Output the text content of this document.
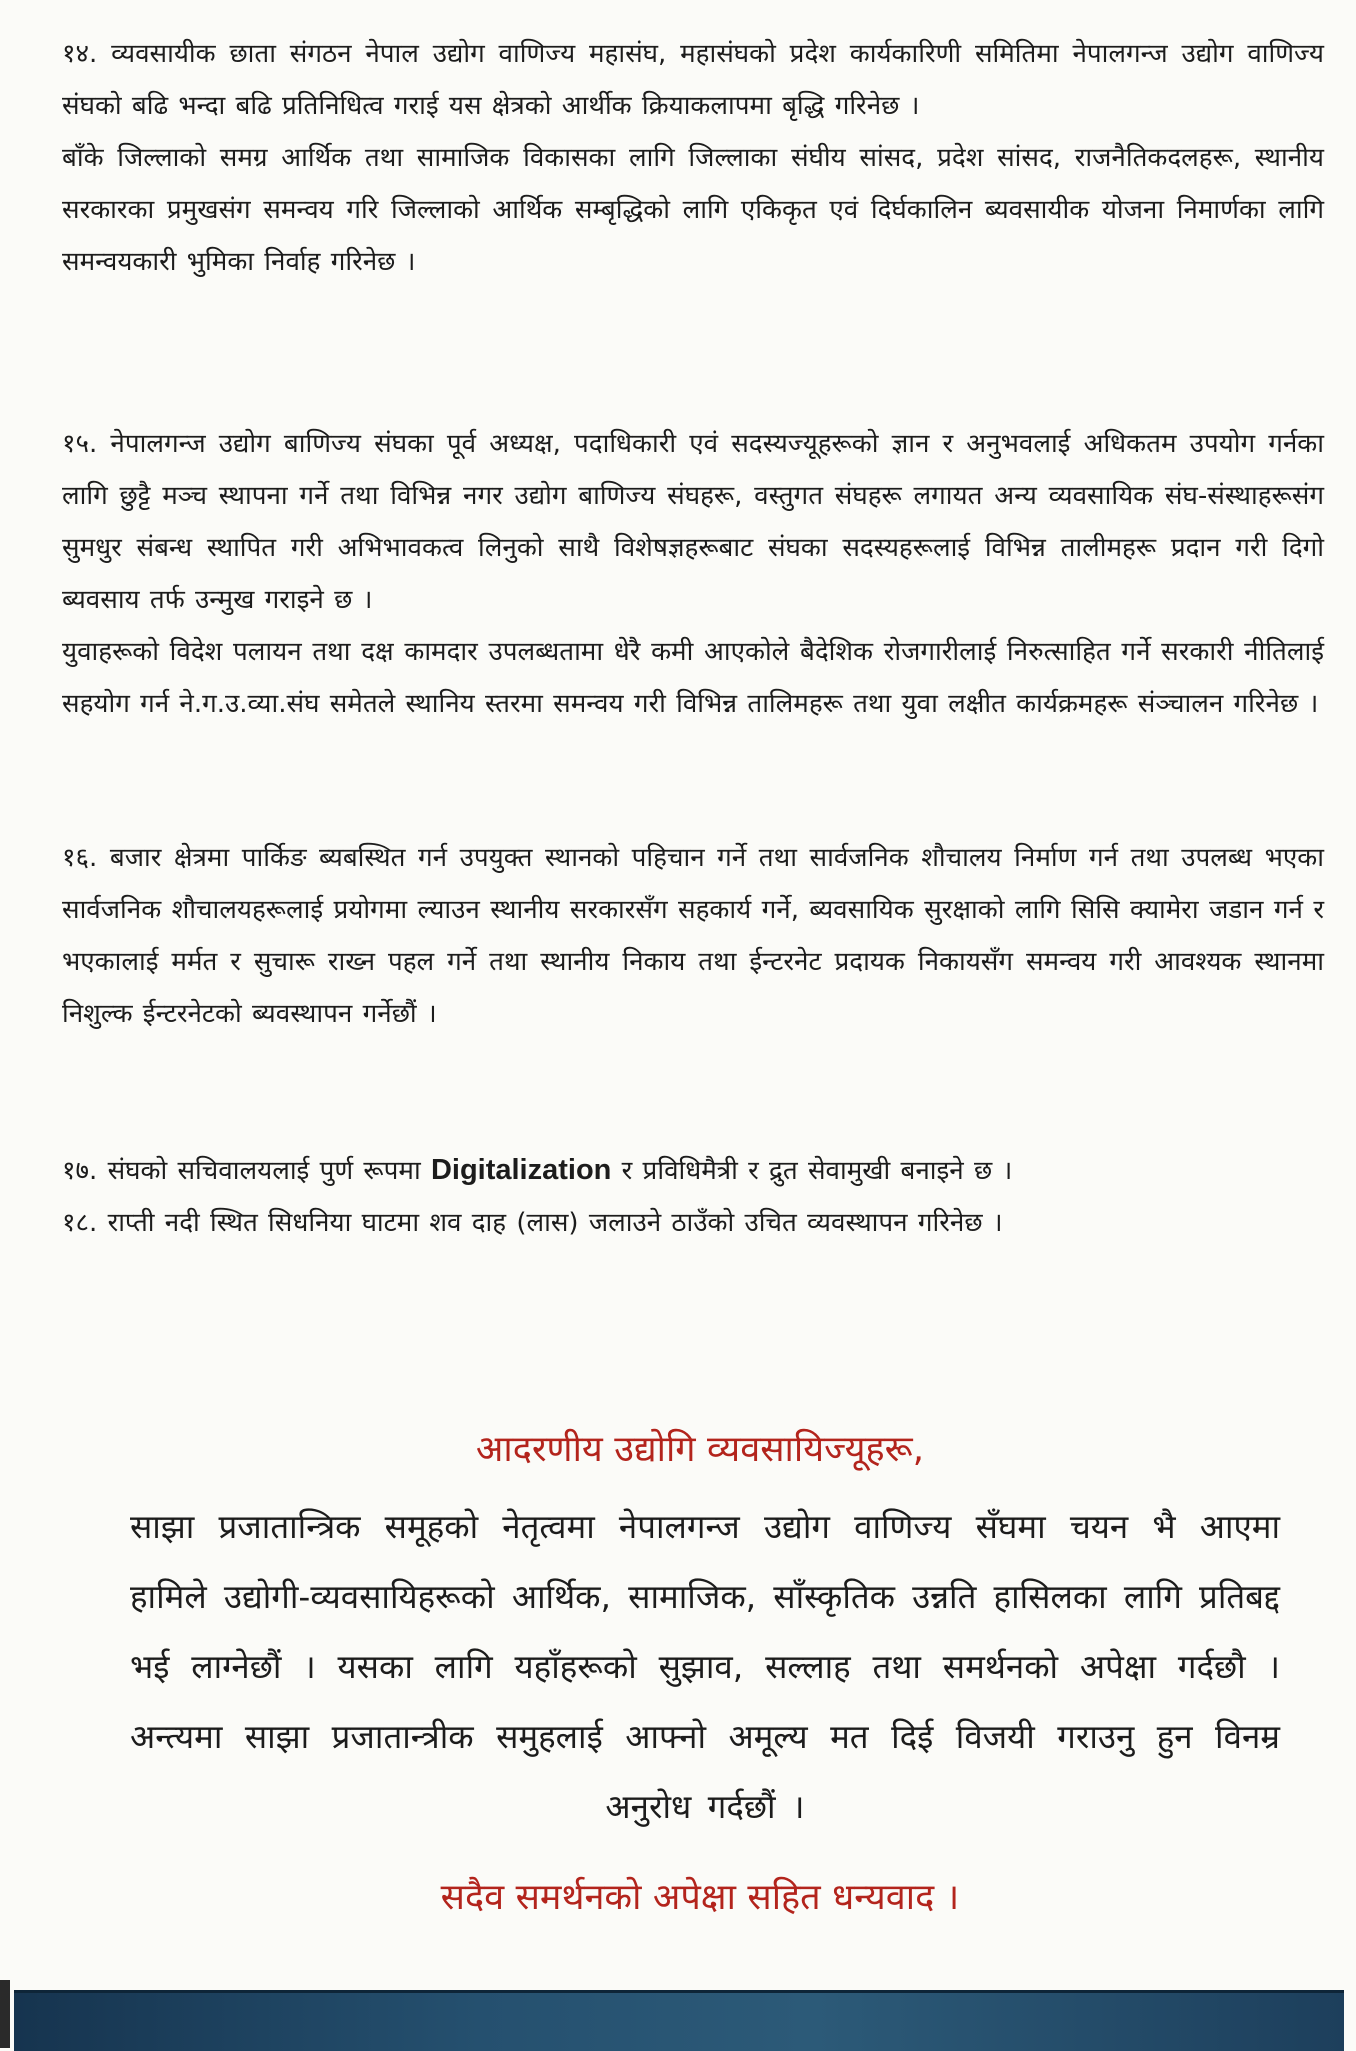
१४. व्यवसायीक छाता संगठन नेपाल उद्योग वाणिज्य महासंघ, महासंघको प्रदेश कार्यकारिणी समितिमा नेपालगन्ज उद्योग वाणिज्य संघको बढि भन्दा बढि प्रतिनिधित्व गराई यस क्षेत्रको आर्थीक क्रियाकलापमा बृद्धि गरिनेछ ।

बाँके जिल्लाको समग्र आर्थिक तथा सामाजिक विकासका लागि जिल्लाका संघीय सांसद, प्रदेश सांसद, राजनैतिकदलहरू, स्थानीय सरकारका प्रमुखसंग समन्वय गरि जिल्लाको आर्थिक सम्बृद्धिको लागि एकिकृत एवं दिर्घकालिन ब्यवसायीक योजना निमार्णका लागि समन्वयकारी भुमिका निर्वाह गरिनेछ ।

१५. नेपालगन्ज उद्योग बाणिज्य संघका पूर्व अध्यक्ष, पदाधिकारी एवं सदस्यज्यूहरूको ज्ञान र अनुभवलाई अधिकतम उपयोग गर्नका लागि छुट्टै मञ्च स्थापना गर्ने तथा विभिन्न नगर उद्योग बाणिज्य संघहरू, वस्तुगत संघहरू लगायत अन्य व्यवसायिक संघ-संस्थाहरूसंग सुमधुर संबन्ध स्थापित गरी अभिभावकत्व लिनुको साथै विशेषज्ञहरूबाट संघका सदस्यहरूलाई विभिन्न तालीमहरू प्रदान गरी दिगो ब्यवसाय तर्फ उन्मुख गराइने छ ।

युवाहरूको विदेश पलायन तथा दक्ष कामदार उपलब्धतामा धेरै कमी आएकोले बैदेशिक रोजगारीलाई निरुत्साहित गर्ने सरकारी नीतिलाई सहयोग गर्न ने.ग.उ.व्या.संघ समेतले स्थानिय स्तरमा समन्वय गरी विभिन्न तालिमहरू तथा युवा लक्षीत कार्यक्रमहरू संञ्चालन गरिनेछ ।

१६. बजार क्षेत्रमा पार्किङ ब्यबस्थित गर्न उपयुक्त स्थानको पहिचान गर्ने तथा सार्वजनिक शौचालय निर्माण गर्न तथा उपलब्ध भएका सार्वजनिक शौचालयहरूलाई प्रयोगमा ल्याउन स्थानीय सरकारसँग सहकार्य गर्ने, ब्यवसायिक सुरक्षाको लागि सिसि क्यामेरा जडान गर्न र भएकालाई मर्मत र सुचारू राख्न पहल गर्ने तथा स्थानीय निकाय तथा ईन्टरनेट प्रदायक निकायसँग समन्वय गरी आवश्यक स्थानमा निशुल्क ईन्टरनेटको ब्यवस्थापन गर्नेछौं ।

१७. संघको सचिवालयलाई पुर्ण रूपमा Digitalization र प्रविधिमैत्री र द्रुत सेवामुखी बनाइने छ ।

१८. राप्ती नदी स्थित सिधनिया घाटमा शव दाह (लास) जलाउने ठाउँको उचित व्यवस्थापन गरिनेछ ।

आदरणीय उद्योगि व्यवसायिज्यूहरू,

साझा प्रजातान्त्रिक समूहको नेतृत्वमा नेपालगन्ज उद्योग वाणिज्य सँघमा चयन भै आएमा हामिले उद्योगी-व्यवसायिहरूको आर्थिक, सामाजिक, साँस्कृतिक उन्नति हासिलका लागि प्रतिबद्द भई लाग्नेछौं । यसका लागि यहाँहरूको सुझाव, सल्लाह तथा समर्थनको अपेक्षा गर्दछौ । अन्त्यमा साझा प्रजातान्त्रीक समुहलाई आफ्नो अमूल्य मत दिई विजयी गराउनु हुन विनम्र अनुरोध गर्दछौं ।

सदैव समर्थनको अपेक्षा सहित धन्यवाद ।
